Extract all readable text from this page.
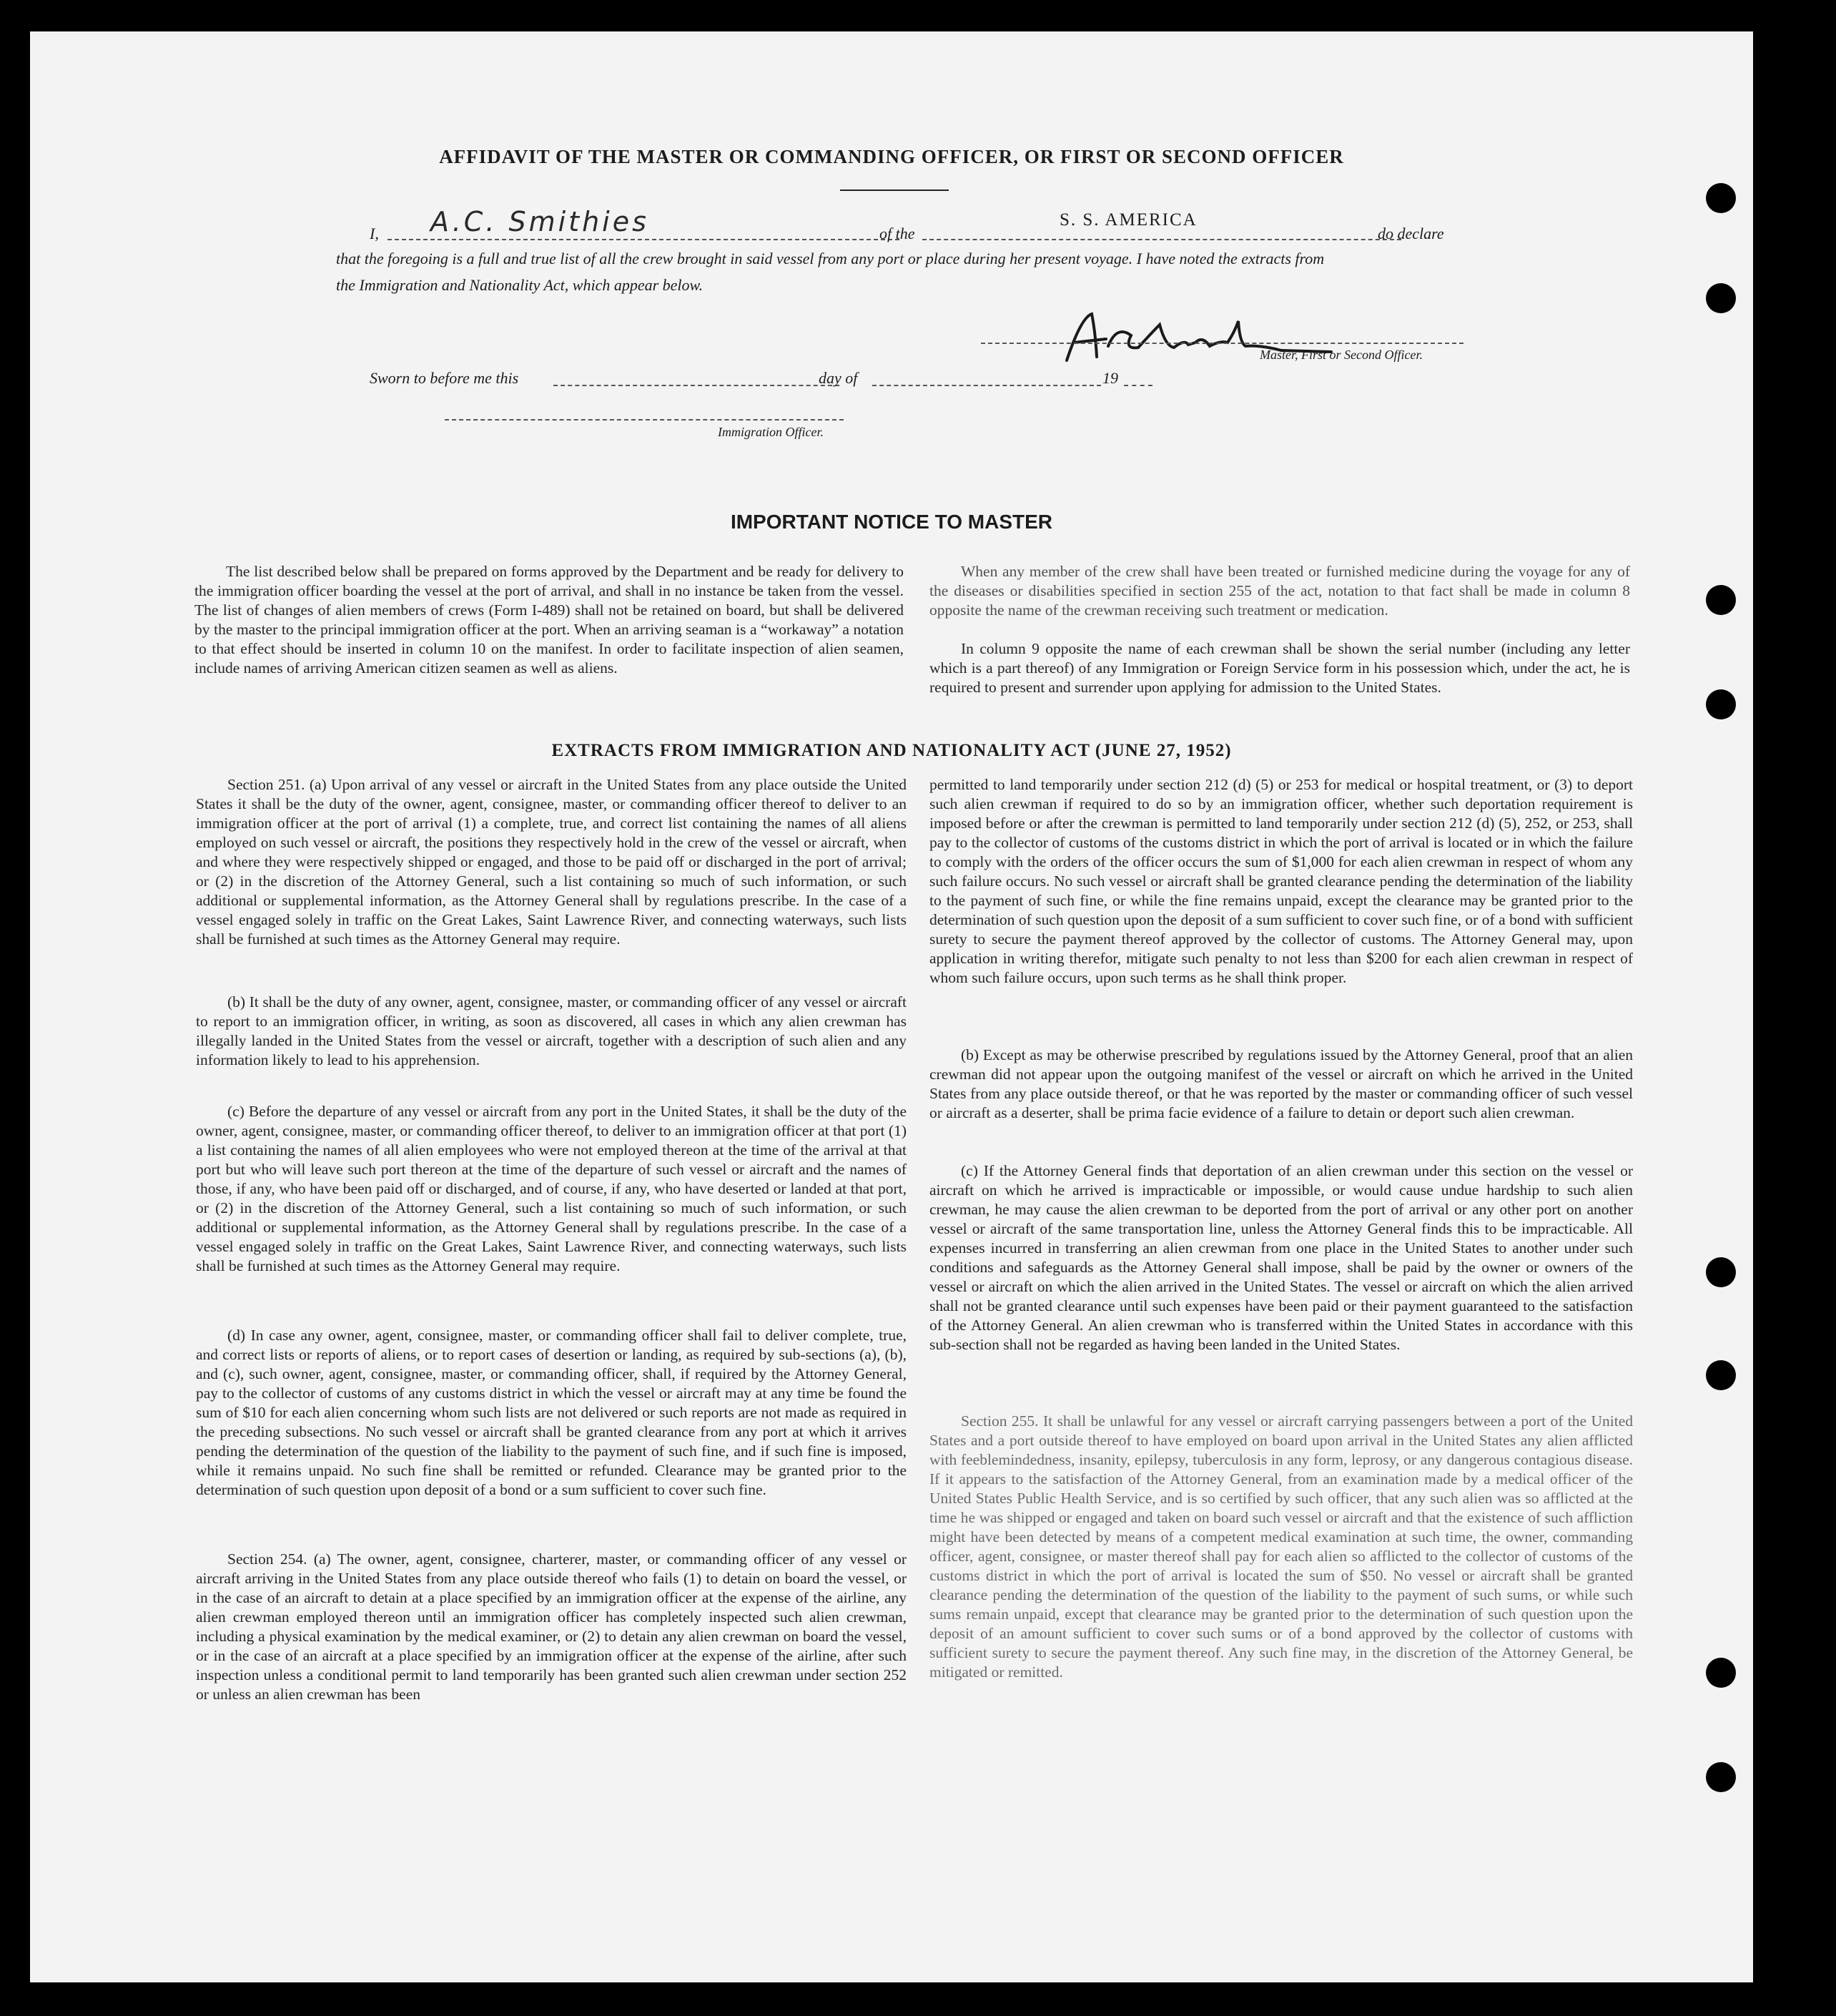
AFFIDAVIT OF THE MASTER OR COMMANDING OFFICER, OR FIRST OR SECOND OFFICER
I, A.C. Smithies	of the
S. S. AMERICA
do declare
that the foregoing is a full and true list of all the crew brought in said vessel from any port or place during her present voyage. I have noted the extracts from
the Immigration and Nationality Act, which appear below.
Master, First or Second Officer.
Sworn to before me this	day of	19
Immigration Officer.
IMPORTANT NOTICE TO MASTER
The list described below shall be prepared on forms approved by the Department and be ready for delivery to the immigration officer boarding the vessel at the port of arrival, and shall in no instance be taken from the vessel. The list of changes of alien members of crews (Form I-489) shall not be retained on board, but shall be delivered by the master to the principal immigration officer at the port. When an arriving seaman is a “workaway” a notation to that effect should be inserted in column 10 on the manifest. In order to facilitate inspection of alien seamen, include names of arriving American citizen seamen as well as aliens.
When any member of the crew shall have been treated or furnished medicine during the voyage for any of the diseases or disabilities specified in section 255 of the act, notation to that fact shall be made in column 8 opposite the name of the crewman receiving such treatment or medication.
In column 9 opposite the name of each crewman shall be shown the serial number (including any letter which is a part thereof) of any Immigration or Foreign Service form in his possession which, under the act, he is required to present and surrender upon applying for admission to the United States.
EXTRACTS FROM IMMIGRATION AND NATIONALITY ACT (JUNE 27, 1952)
Section 251. (a) Upon arrival of any vessel or aircraft in the United States from any place outside the United States it shall be the duty of the owner, agent, consignee, master, or commanding officer thereof to deliver to an immigration officer at the port of arrival (1) a complete, true, and correct list containing the names of all aliens employed on such vessel or aircraft, the positions they respectively hold in the crew of the vessel or aircraft, when and where they were respectively shipped or engaged, and those to be paid off or discharged in the port of arrival; or (2) in the discretion of the Attorney General, such a list containing so much of such information, or such additional or supplemental information, as the Attorney General shall by regulations prescribe. In the case of a vessel engaged solely in traffic on the Great Lakes, Saint Lawrence River, and connecting waterways, such lists shall be furnished at such times as the Attorney General may require.
(b) It shall be the duty of any owner, agent, consignee, master, or commanding officer of any vessel or aircraft to report to an immigration officer, in writing, as soon as discovered, all cases in which any alien crewman has illegally landed in the United States from the vessel or aircraft, together with a description of such alien and any information likely to lead to his apprehension.
(c) Before the departure of any vessel or aircraft from any port in the United States, it shall be the duty of the owner, agent, consignee, master, or commanding officer thereof, to deliver to an immigration officer at that port (1) a list containing the names of all alien employees who were not employed thereon at the time of the arrival at that port but who will leave such port thereon at the time of the departure of such vessel or aircraft and the names of those, if any, who have been paid off or discharged, and of course, if any, who have deserted or landed at that port, or (2) in the discretion of the Attorney General, such a list containing so much of such information, or such additional or supplemental information, as the Attorney General shall by regulations prescribe. In the case of a vessel engaged solely in traffic on the Great Lakes, Saint Lawrence River, and connecting waterways, such lists shall be furnished at such times as the Attorney General may require.
(d) In case any owner, agent, consignee, master, or commanding officer shall fail to deliver complete, true, and correct lists or reports of aliens, or to report cases of desertion or landing, as required by sub-sections (a), (b), and (c), such owner, agent, consignee, master, or commanding officer, shall, if required by the Attorney General, pay to the collector of customs of any customs district in which the vessel or aircraft may at any time be found the sum of $10 for each alien concerning whom such lists are not delivered or such reports are not made as required in the preceding subsections. No such vessel or aircraft shall be granted clearance from any port at which it arrives pending the determination of the question of the liability to the payment of such fine, and if such fine is imposed, while it remains unpaid. No such fine shall be remitted or refunded. Clearance may be granted prior to the determination of such question upon deposit of a bond or a sum sufficient to cover such fine.
Section 254. (a) The owner, agent, consignee, charterer, master, or commanding officer of any vessel or aircraft arriving in the United States from any place outside thereof who fails (1) to detain on board the vessel, or in the case of an aircraft to detain at a place specified by an immigration officer at the expense of the airline, any alien crewman employed thereon until an immigration officer has completely inspected such alien crewman, including a physical examination by the medical examiner, or (2) to detain any alien crewman on board the vessel, or in the case of an aircraft at a place specified by an immigration officer at the expense of the airline, after such inspection unless a conditional permit to land temporarily has been granted such alien crewman under section 252 or unless an alien crewman has been
permitted to land temporarily under section 212 (d) (5) or 253 for medical or hospital treatment, or (3) to deport such alien crewman if required to do so by an immigration officer, whether such deportation requirement is imposed before or after the crewman is permitted to land temporarily under section 212 (d) (5), 252, or 253, shall pay to the collector of customs of the customs district in which the port of arrival is located or in which the failure to comply with the orders of the officer occurs the sum of $1,000 for each alien crewman in respect of whom any such failure occurs. No such vessel or aircraft shall be granted clearance pending the determination of the liability to the payment of such fine, or while the fine remains unpaid, except the clearance may be granted prior to the determination of such question upon the deposit of a sum sufficient to cover such fine, or of a bond with sufficient surety to secure the payment thereof approved by the collector of customs. The Attorney General may, upon application in writing therefor, mitigate such penalty to not less than $200 for each alien crewman in respect of whom such failure occurs, upon such terms as he shall think proper.
(b) Except as may be otherwise prescribed by regulations issued by the Attorney General, proof that an alien crewman did not appear upon the outgoing manifest of the vessel or aircraft on which he arrived in the United States from any place outside thereof, or that he was reported by the master or commanding officer of such vessel or aircraft as a deserter, shall be prima facie evidence of a failure to detain or deport such alien crewman.
(c) If the Attorney General finds that deportation of an alien crewman under this section on the vessel or aircraft on which he arrived is impracticable or impossible, or would cause undue hardship to such alien crewman, he may cause the alien crewman to be deported from the port of arrival or any other port on another vessel or aircraft of the same transportation line, unless the Attorney General finds this to be impracticable. All expenses incurred in transferring an alien crewman from one place in the United States to another under such conditions and safeguards as the Attorney General shall impose, shall be paid by the owner or owners of the vessel or aircraft on which the alien arrived in the United States. The vessel or aircraft on which the alien arrived shall not be granted clearance until such expenses have been paid or their payment guaranteed to the satisfaction of the Attorney General. An alien crewman who is transferred within the United States in accordance with this sub-section shall not be regarded as having been landed in the United States.
Section 255. It shall be unlawful for any vessel or aircraft carrying passengers between a port of the United States and a port outside thereof to have employed on board upon arrival in the United States any alien afflicted with feeblemindedness, insanity, epilepsy, tuberculosis in any form, leprosy, or any dangerous contagious disease. If it appears to the satisfaction of the Attorney General, from an examination made by a medical officer of the United States Public Health Service, and is so certified by such officer, that any such alien was so afflicted at the time he was shipped or engaged and taken on board such vessel or aircraft and that the existence of such affliction might have been detected by means of a competent medical examination at such time, the owner, commanding officer, agent, consignee, or master thereof shall pay for each alien so afflicted to the collector of customs of the customs district in which the port of arrival is located the sum of $50. No vessel or aircraft shall be granted clearance pending the determination of the question of the liability to the payment of such sums, or while such sums remain unpaid, except that clearance may be granted prior to the determination of such question upon the deposit of an amount sufficient to cover such sums or of a bond approved by the collector of customs with sufficient surety to secure the payment thereof. Any such fine may, in the discretion of the Attorney General, be mitigated or remitted.
